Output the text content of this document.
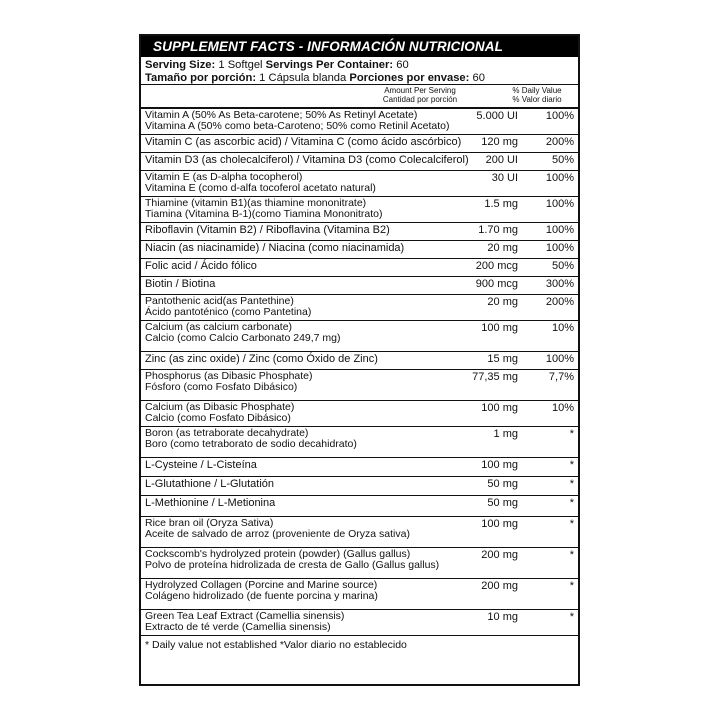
SUPPLEMENT FACTS - INFORMACIÓN NUTRICIONAL
Serving Size: 1 Softgel Servings Per Container: 60
Tamaño por porción: 1 Cápsula blanda Porciones por envase: 60
Amount Per Serving
Cantidad por porción
% Daily Value
% Valor diario
Vitamin A (50% As Beta-carotene; 50% As Retinyl Acetate)
Vitamina A (50% como beta-Caroteno; 50% como Retinil Acetato)
5.000 UI	100%
Vitamin C (as ascorbic acid) / Vitamina C (como ácido ascórbico)	120 mg	200%
Vitamin D3 (as cholecalciferol) / Vitamina D3 (como Colecalciferol)	200 UI	50%
Vitamin E (as D-alpha tocopherol)
Vitamina E (como d-alfa tocoferol acetato natural)
30 UI	100%
Thiamine (vitamin B1)(as thiamine mononitrate)
Tiamina (Vitamina B-1)(como Tiamina Mononitrato)
1.5 mg	100%
Riboflavin (Vitamin B2) / Riboflavina (Vitamina B2)	1.70 mg	100%
Niacin (as niacinamide) / Niacina (como niacinamida)	20 mg	100%
Folic acid / Ácido fólico	200 mcg	50%
Biotin / Biotina	900 mcg	300%
Pantothenic acid(as Pantethine)
Ácido pantoténico (como Pantetina)
20 mg	200%
Calcium (as calcium carbonate)
Calcio (como Calcio Carbonato 249,7 mg)
100 mg	10%
Zinc (as zinc oxide) / Zinc (como Óxido de Zinc)	15 mg	100%
Phosphorus (as Dibasic Phosphate)
Fósforo (como Fosfato Dibásico)
77,35 mg	7,7%
Calcium (as Dibasic Phosphate)
Calcio (como Fosfato Dibásico)
100 mg	10%
Boron (as tetraborate decahydrate)
Boro (como tetraborato de sodio decahidrato)
1 mg	*
L-Cysteine / L-Cisteína	100 mg	*
L-Glutathione / L-Glutatión	50 mg	*
L-Methionine / L-Metionina	50 mg	*
Rice bran oil (Oryza Sativa)
Aceite de salvado de arroz (proveniente de Oryza sativa)
100 mg	*
Cockscomb's hydrolyzed protein (powder) (Gallus gallus)
Polvo de proteína hidrolizada de cresta de Gallo (Gallus gallus)
200 mg	*
Hydrolyzed Collagen (Porcine and Marine source)
Colágeno hidrolizado (de fuente porcina y marina)
200 mg	*
Green Tea Leaf Extract (Camellia sinensis)
Extracto de té verde (Camellia sinensis)
10 mg	*
* Daily value not established *Valor diario no establecido
